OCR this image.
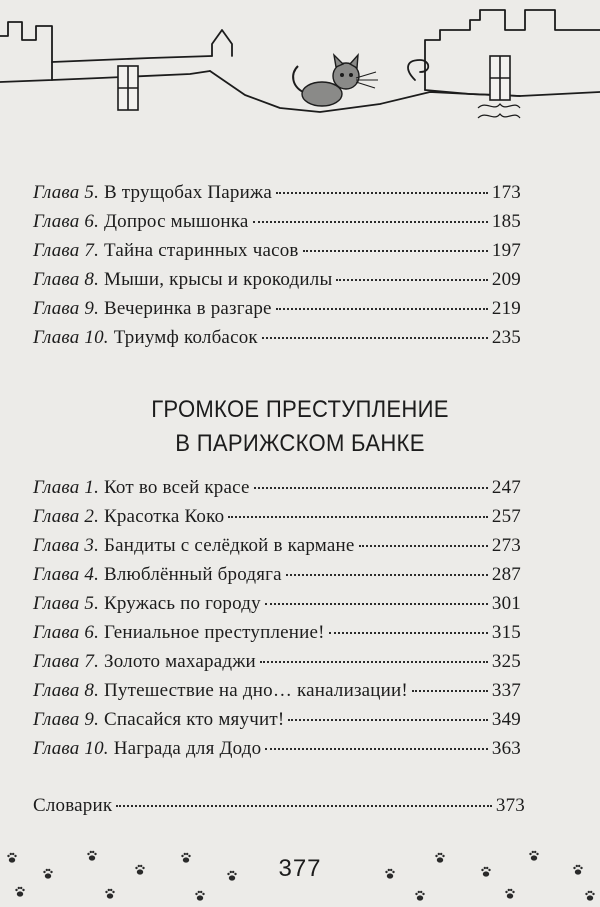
Глава 5. В трущобах Парижа	173
Глава 6. Допрос мышонка	185
Глава 7. Тайна старинных часов	197
Глава 8. Мыши, крысы и крокодилы	209
Глава 9. Вечеринка в разгаре	219
Глава 10. Триумф колбасок	235
ГРОМКОЕ ПРЕСТУПЛЕНИЕ
В ПАРИЖСКОМ БАНКЕ
Глава 1. Кот во всей красе	247
Глава 2. Красотка Коко	257
Глава 3. Бандиты с селёдкой в кармане	273
Глава 4. Влюблённый бродяга	287
Глава 5. Кружась по городу	301
Глава 6. Гениальное преступление!	315
Глава 7. Золото махараджи	325
Глава 8. Путешествие на дно… канализации!	337
Глава 9. Спасайся кто мяучит!	349
Глава 10. Награда для Додо	363
Словарик	373
377
